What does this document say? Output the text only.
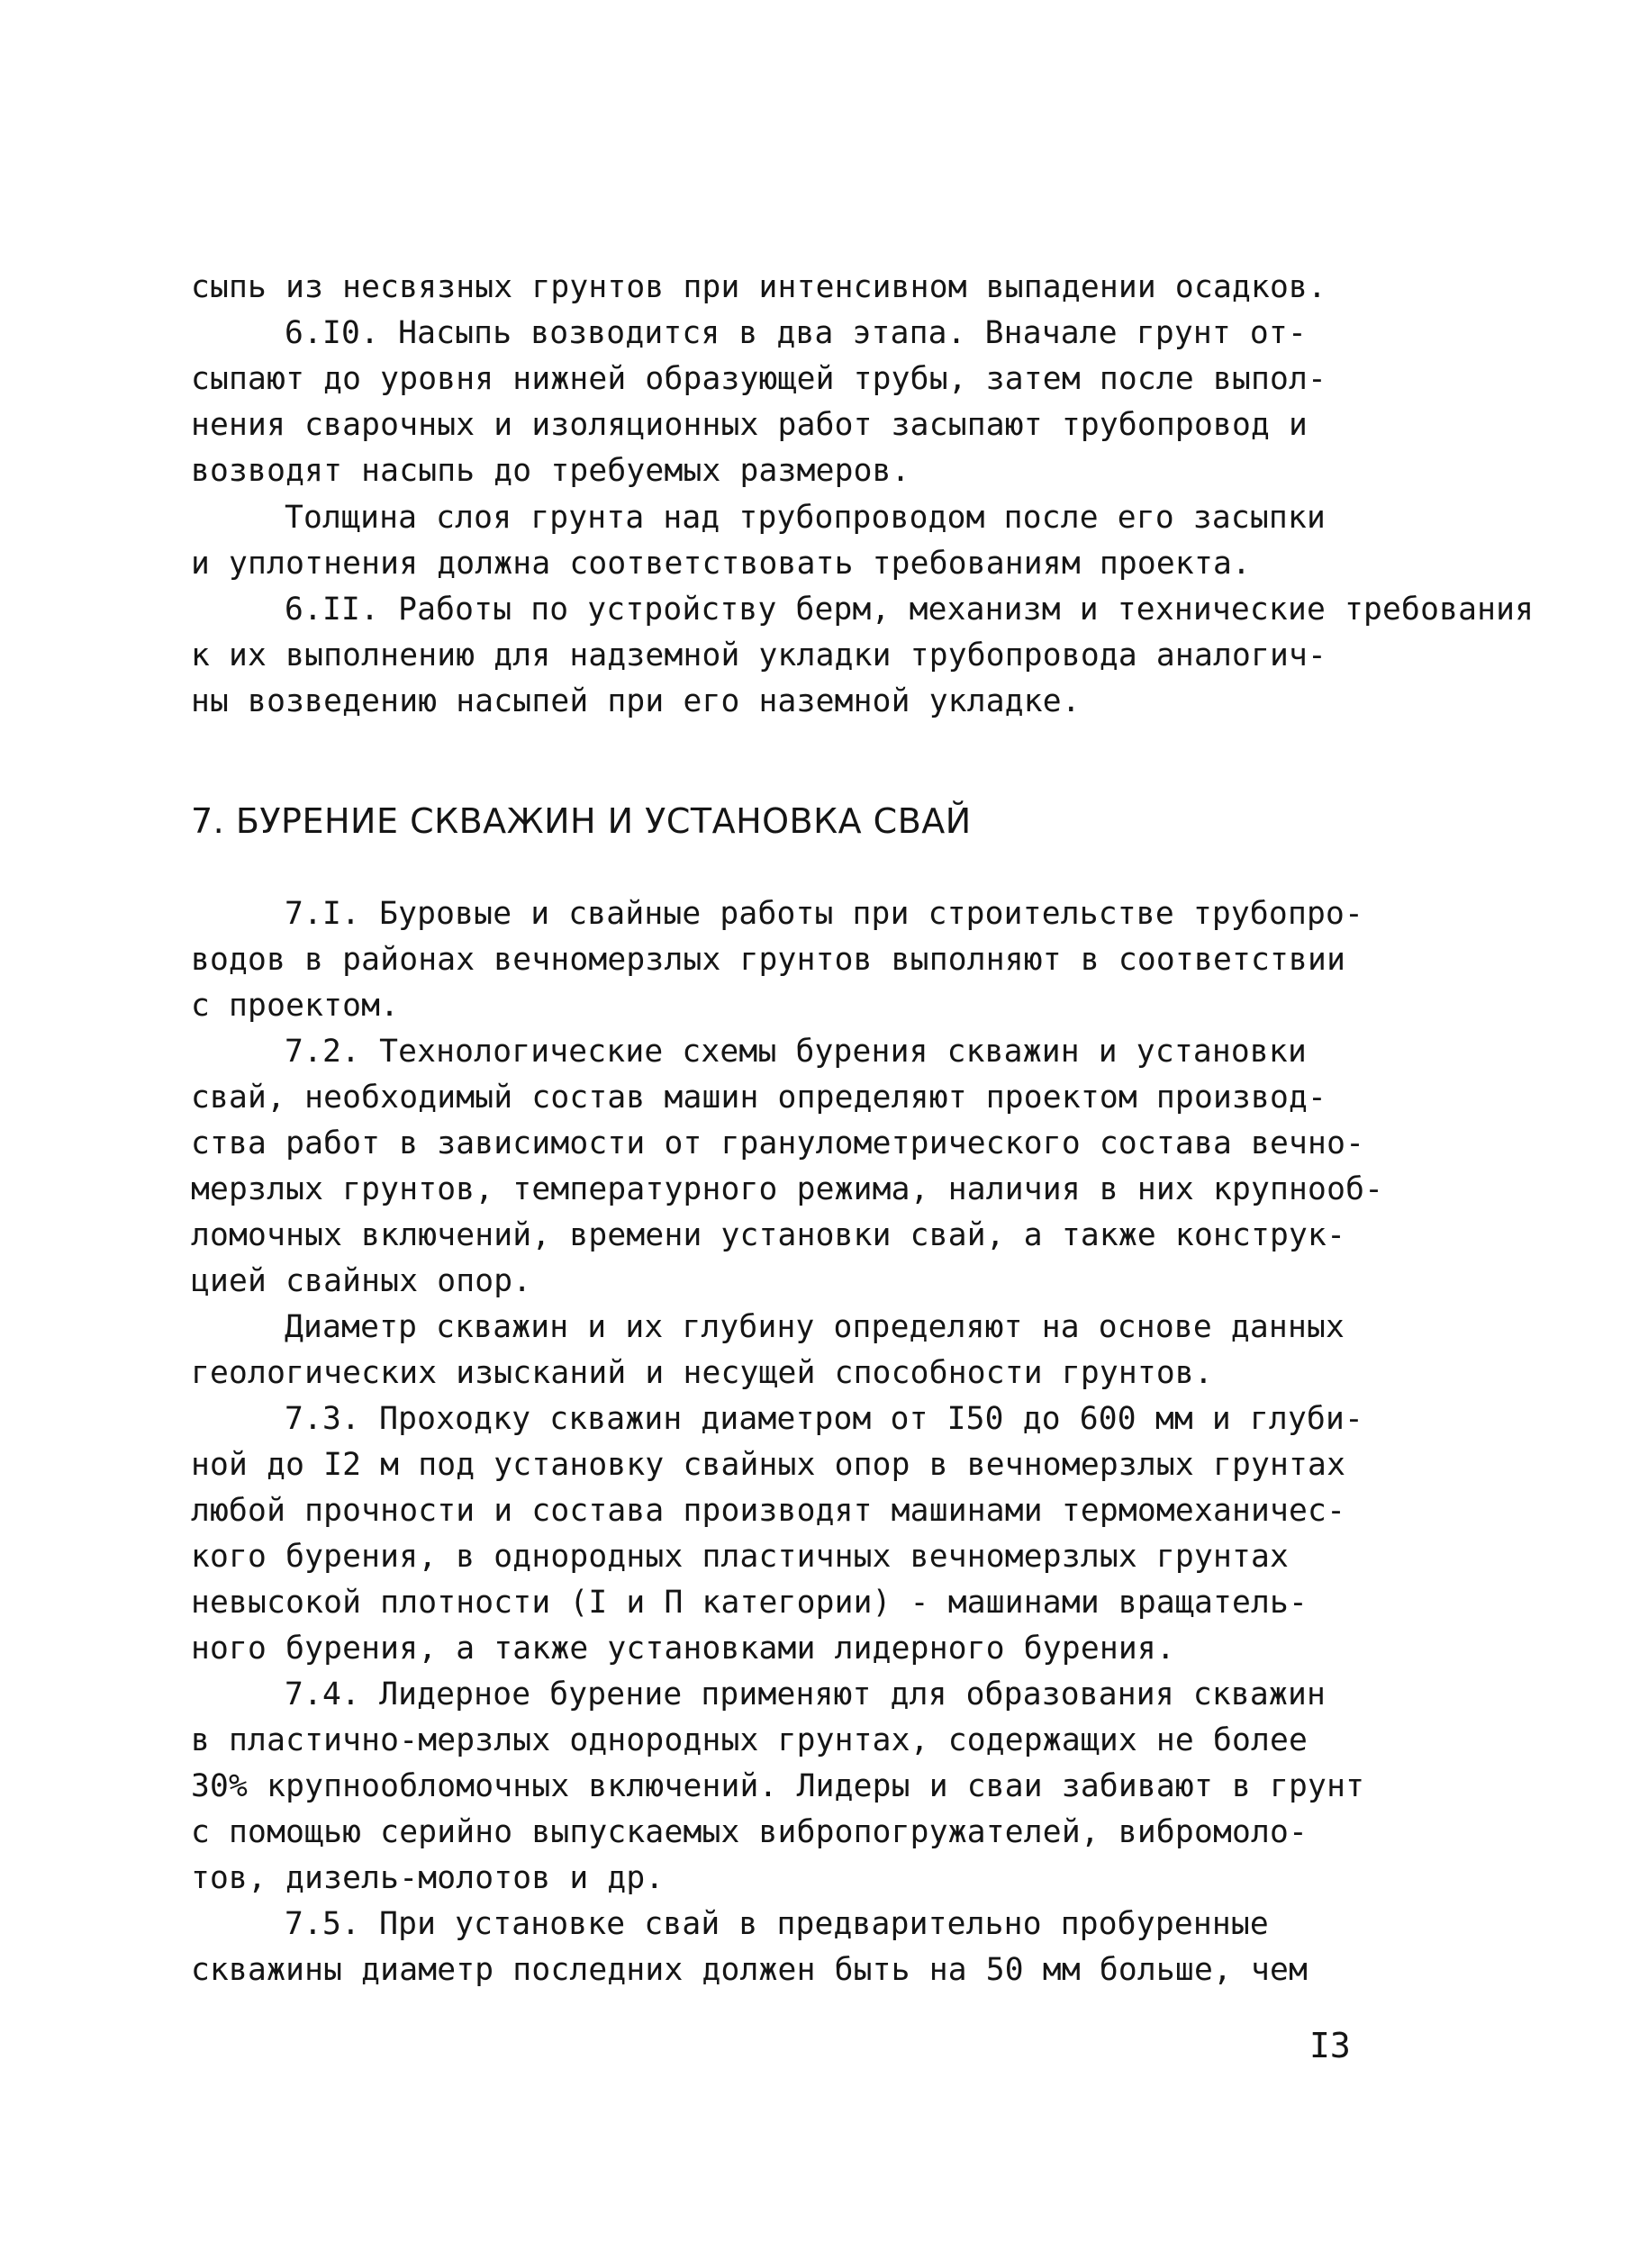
сыпь из несвязных грунтов при интенсивном выпадении осадков.

6.I0. Насыпь возводится в два этапа. Вначале грунт от-

сыпают до уровня нижней образующей трубы, затем после выпол-

нения сварочных и изоляционных работ засыпают трубопровод и

возводят насыпь до требуемых размеров.

Толщина слоя грунта над трубопроводом после его засыпки

и уплотнения должна соответствовать требованиям проекта.

6.II. Работы по устройству берм, механизм и технические требования

к их выполнению для надземной укладки трубопровода аналогич-

ны возведению насыпей при его наземной укладке.

7. БУРЕНИЕ СКВАЖИН И УСТАНОВКА СВАЙ

7.I. Буровые и свайные работы при строительстве трубопро-

водов в районах вечномерзлых грунтов выполняют в соответствии

с проектом.

7.2. Технологические схемы бурения скважин и установки

свай, необходимый состав машин определяют проектом производ-

ства работ в зависимости от гранулометрического состава вечно-

мерзлых грунтов, температурного режима, наличия в них крупнооб-

ломочных включений, времени установки свай, а также конструк-

цией свайных опор.

Диаметр скважин и их глубину определяют на основе данных

геологических изысканий и несущей способности грунтов.

7.3. Проходку скважин диаметром от I50 до 600 мм и глуби-

ной до I2 м под установку свайных опор в вечномерзлых грунтах

любой прочности и состава производят машинами термомеханичес-

кого бурения, в однородных пластичных вечномерзлых грунтах

невысокой плотности (I и П категории) - машинами вращатель-

ного бурения, а также установками лидерного бурения.

7.4. Лидерное бурение применяют для образования скважин

в пластично-мерзлых однородных грунтах, содержащих не более

30% крупнообломочных включений. Лидеры и сваи забивают в грунт

с помощью серийно выпускаемых вибропогружателей, вибромоло-

тов, дизель-молотов и др.

7.5. При установке свай в предварительно пробуренные

скважины диаметр последних должен быть на 50 мм больше, чем

I3
